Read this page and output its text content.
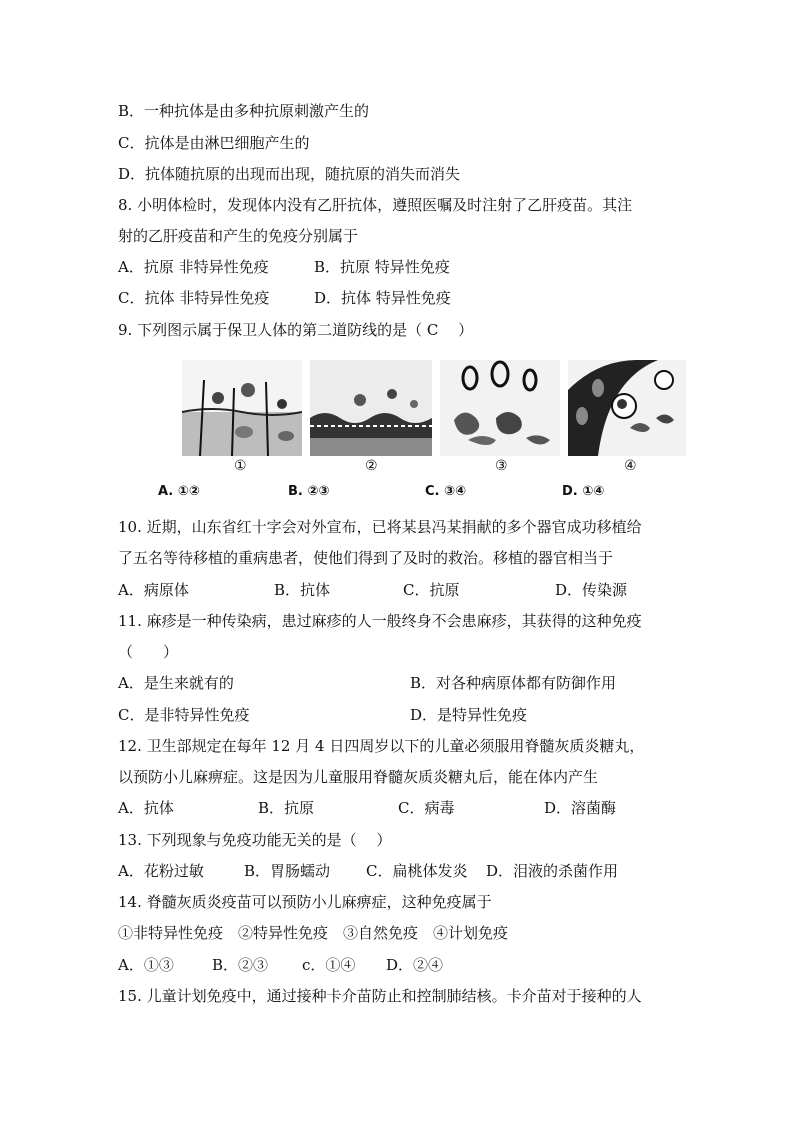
B．一种抗体是由多种抗原刺激产生的
C．抗体是由淋巴细胞产生的
D．抗体随抗原的出现而出现，随抗原的消失而消失
8. 小明体检时，发现体内没有乙肝抗体，遵照医嘱及时注射了乙肝疫苗。其注
射的乙肝疫苗和产生的免疫分别属于
A．抗原 非特异性免疫	B．抗原 特异性免疫
C．抗体 非特异性免疫	D．抗体 特异性免疫
9. 下列图示属于保卫人体的第二道防线的是（ C　 ）
①	②	③	④
A. ①②	B. ②③	C. ③④	D. ①④
10. 近期，山东省红十字会对外宣布，已将某县冯某捐献的多个器官成功移植给
了五名等待移植的重病患者，使他们得到了及时的救治。移植的器官相当于
A．病原体	B．抗体	C．抗原	D．传染源
11. 麻疹是一种传染病，患过麻疹的人一般终身不会患麻疹，其获得的这种免疫
（　　）
A．是生来就有的	B．对各种病原体都有防御作用
C．是非特异性免疫	D．是特异性免疫
12. 卫生部规定在每年 12 月 4 日四周岁以下的儿童必须服用脊髓灰质炎糖丸，
以预防小儿麻痹症。这是因为儿童服用脊髓灰质炎糖丸后，能在体内产生
A．抗体	B．抗原	C．病毒	D．溶菌酶
13. 下列现象与免疫功能无关的是（　 ）
A．花粉过敏	B．胃肠蠕动 C．扁桃体发炎 D．泪液的杀菌作用
14. 脊髓灰质炎疫苗可以预防小儿麻痹症，这种免疫属于
①非特异性免疫　②特异性免疫　③自然免疫　④计划免疫
A．①③	B．②③ c．①④ D．②④
15. 儿童计划免疫中，通过接种卡介苗防止和控制肺结核。卡介苗对于接种的人
